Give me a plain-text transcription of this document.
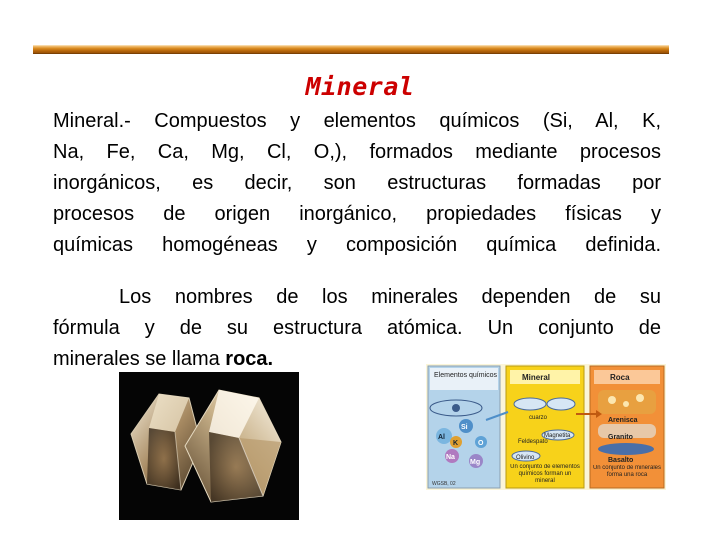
Mineral
Mineral.- Compuestos y elementos químicos (Si, Al, K,
Na, Fe, Ca, Mg, Cl, O,), formados mediante procesos
inorgánicos, es decir, son estructuras formadas por
procesos de origen inorgánico, propiedades físicas y
químicas homogéneas y composición química definida.
Los nombres de los minerales dependen de su
fórmula y de su estructura atómica. Un conjunto de
minerales se llama roca.
Elementos químicos	Mineral	Roca
Si
O
Al
K
Na
Mg
cuarzo
Magnetita
Feldespato
Olivino
Un conjunto de elementos químicos forman un mineral
Arenisca
Granito
Basalto
Un conjunto de minerales forma una roca
WGSB, 02
